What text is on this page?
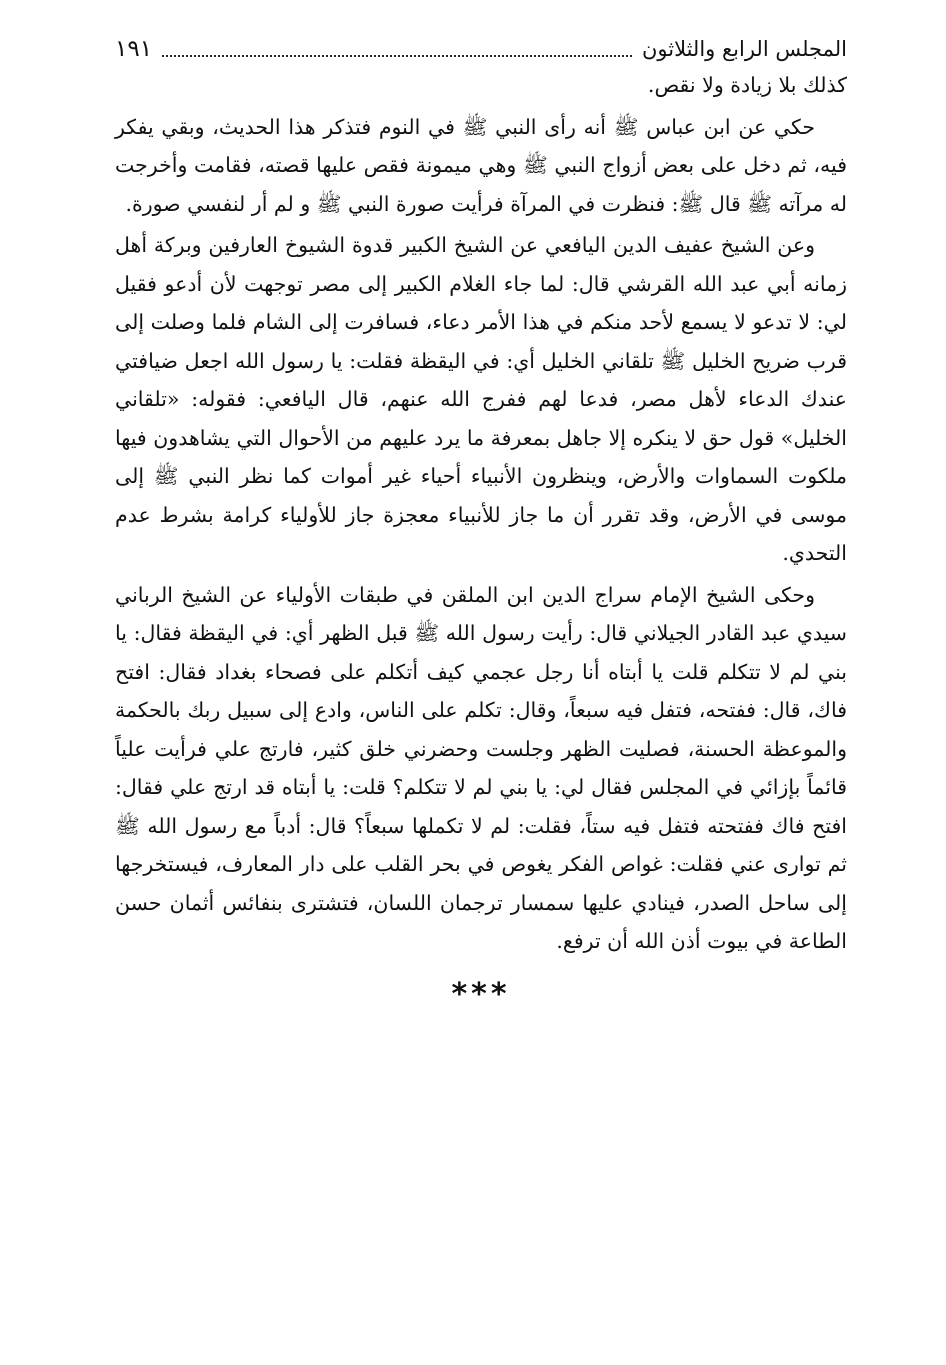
المجلس الرابع والثلاثون
١٩١

كذلك بلا زيادة ولا نقص.

حكي عن ابن عباس ﷺ أنه رأى النبي ﷺ في النوم فتذكر هذا الحديث، وبقي يفكر فيه، ثم دخل على بعض أزواج النبي ﷺ وهي ميمونة فقص عليها قصته، فقامت وأخرجت له مرآته ﷺ قال ﷺ: فنظرت في المرآة فرأيت صورة النبي ﷺ و لم أر لنفسي صورة.

وعن الشيخ عفيف الدين اليافعي عن الشيخ الكبير قدوة الشيوخ العارفين وبركة أهل زمانه أبي عبد الله القرشي قال: لما جاء الغلام الكبير إلى مصر توجهت لأن أدعو فقيل لي: لا تدعو لا يسمع لأحد منكم في هذا الأمر دعاء، فسافرت إلى الشام فلما وصلت إلى قرب ضريح الخليل ﷺ تلقاني الخليل أي: في اليقظة فقلت: يا رسول الله اجعل ضيافتي عندك الدعاء لأهل مصر، فدعا لهم ففرج الله عنهم، قال اليافعي: فقوله: «تلقاني الخليل» قول حق لا ينكره إلا جاهل بمعرفة ما يرد عليهم من الأحوال التي يشاهدون فيها ملكوت السماوات والأرض، وينظرون الأنبياء أحياء غير أموات كما نظر النبي ﷺ إلى موسى في الأرض، وقد تقرر أن ما جاز للأنبياء معجزة جاز للأولياء كرامة بشرط عدم التحدي.

وحكى الشيخ الإمام سراج الدين ابن الملقن في طبقات الأولياء عن الشيخ الرباني سيدي عبد القادر الجيلاني قال: رأيت رسول الله ﷺ قبل الظهر أي: في اليقظة فقال: يا بني لم لا تتكلم قلت يا أبتاه أنا رجل عجمي كيف أتكلم على فصحاء بغداد فقال: افتح فاك، قال: ففتحه، فتفل فيه سبعاً، وقال: تكلم على الناس، وادع إلى سبيل ربك بالحكمة والموعظة الحسنة، فصليت الظهر وجلست وحضرني خلق كثير، فارتج علي فرأيت علياً قائماً بإزائي في المجلس فقال لي: يا بني لم لا تتكلم؟ قلت: يا أبتاه قد ارتج علي فقال: افتح فاك ففتحته فتفل فيه ستاً، فقلت: لم لا تكملها سبعاً؟ قال: أدباً مع رسول الله ﷺ ثم توارى عني فقلت: غواص الفكر يغوص في بحر القلب على دار المعارف، فيستخرجها إلى ساحل الصدر، فينادي عليها سمسار ترجمان اللسان، فتشترى بنفائس أثمان حسن الطاعة في بيوت أذن الله أن ترفع.

***
